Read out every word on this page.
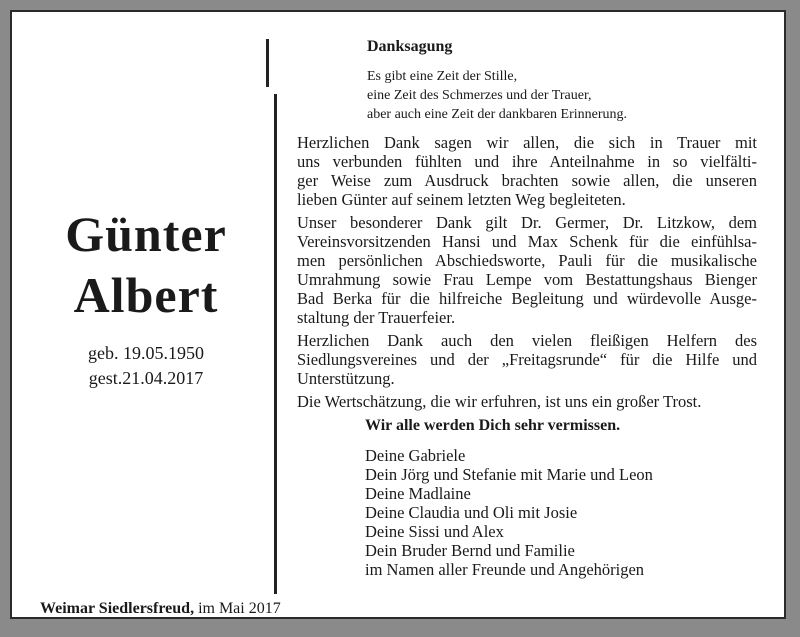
Günter
Albert
geb. 19.05.1950
gest.21.04.2017
Weimar Siedlersfreud, im Mai 2017
Danksagung
Es gibt eine Zeit der Stille,
eine Zeit des Schmerzes und der Trauer,
aber auch eine Zeit der dankbaren Erinnerung.

Herzlichen Dank sagen wir allen, die sich in Trauer mit
uns verbunden fühlten und ihre Anteilnahme in so vielfälti-
ger Weise zum Ausdruck brachten sowie allen, die unseren
lieben Günter auf seinem letzten Weg begleiteten.

Unser besonderer Dank gilt Dr. Germer, Dr. Litzkow, dem
Vereinsvorsitzenden Hansi und Max Schenk für die einfühlsa-
men persönlichen Abschiedsworte, Pauli für die musikalische
Umrahmung sowie Frau Lempe vom Bestattungshaus Bienger
Bad Berka für die hilfreiche Begleitung und würdevolle Ausge-
staltung der Trauerfeier.

Herzlichen Dank auch den vielen fleißigen Helfern des
Siedlungsvereines und der „Freitagsrunde“ für die Hilfe und
Unterstützung.

Die Wertschätzung, die wir erfuhren, ist uns ein großer Trost.

Wir alle werden Dich sehr vermissen.
Deine Gabriele
Dein Jörg und Stefanie mit Marie und Leon
Deine Madlaine
Deine Claudia und Oli mit Josie
Deine Sissi und Alex
Dein Bruder Bernd und Familie
im Namen aller Freunde und Angehörigen
